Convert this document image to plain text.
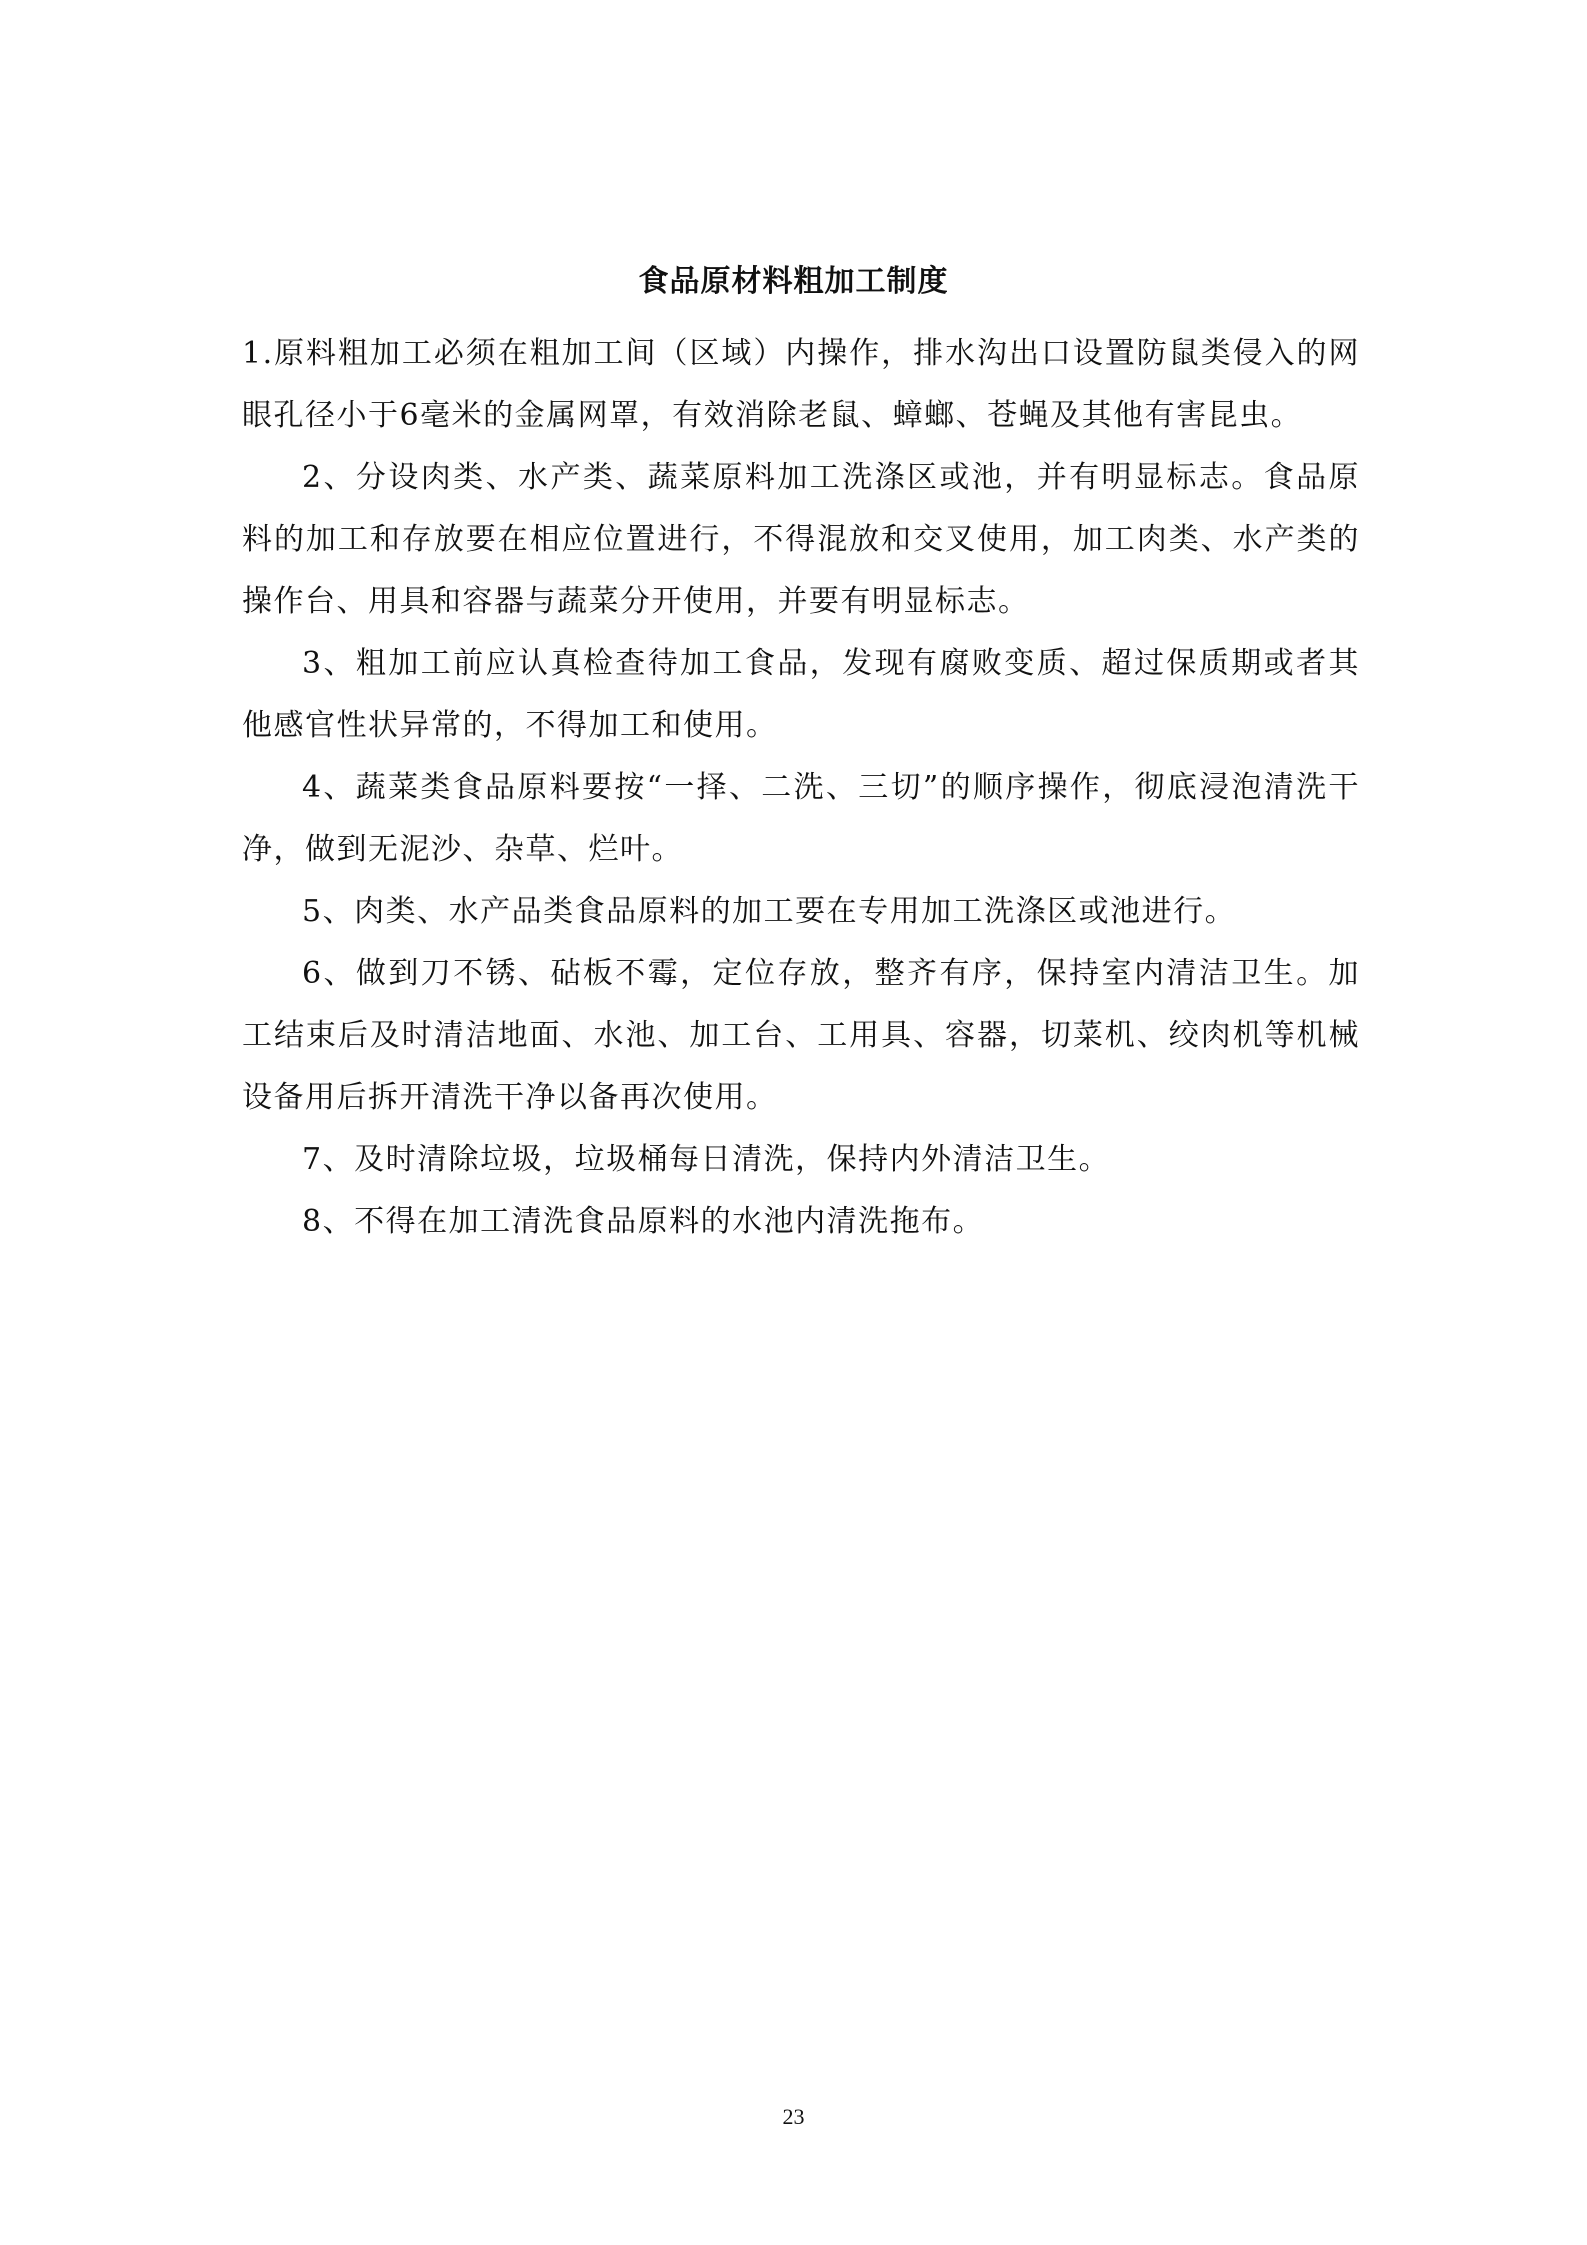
食品原材料粗加工制度

1.原料粗加工必须在粗加工间（区域）内操作，排水沟出口设置防鼠类侵入的网眼孔径小于6毫米的金属网罩，有效消除老鼠、蟑螂、苍蝇及其他有害昆虫。

2、分设肉类、水产类、蔬菜原料加工洗涤区或池，并有明显标志。食品原料的加工和存放要在相应位置进行，不得混放和交叉使用，加工肉类、水产类的操作台、用具和容器与蔬菜分开使用，并要有明显标志。

3、粗加工前应认真检查待加工食品，发现有腐败变质、超过保质期或者其他感官性状异常的，不得加工和使用。

4、蔬菜类食品原料要按“一择、二洗、三切”的顺序操作，彻底浸泡清洗干净，做到无泥沙、杂草、烂叶。

5、肉类、水产品类食品原料的加工要在专用加工洗涤区或池进行。

6、做到刀不锈、砧板不霉，定位存放，整齐有序，保持室内清洁卫生。加工结束后及时清洁地面、水池、加工台、工用具、容器，切菜机、绞肉机等机械设备用后拆开清洗干净以备再次使用。

7、及时清除垃圾，垃圾桶每日清洗，保持内外清洁卫生。

8、不得在加工清洗食品原料的水池内清洗拖布。

23
